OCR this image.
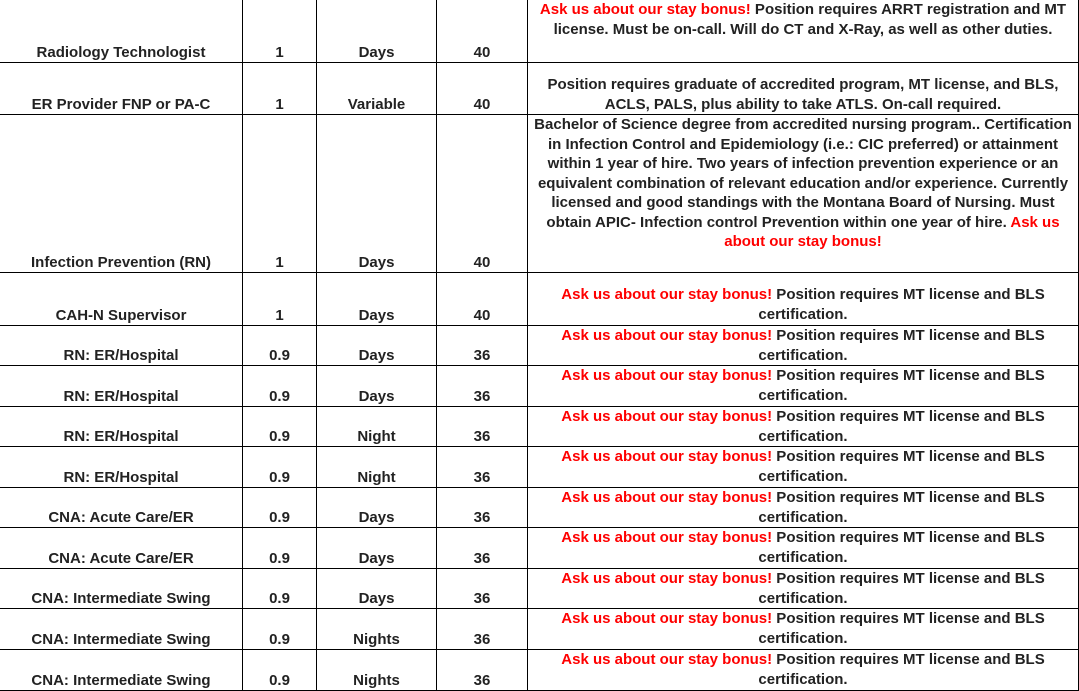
Radiology Technologist	1	Days	40	Ask us about our stay bonus! Position requires ARRT registration and MT license. Must be on-call. Will do CT and X-Ray, as well as other duties.
ER Provider FNP or PA-C	1	Variable	40	Position requires graduate of accredited program, MT license, and BLS, ACLS, PALS, plus ability to take ATLS. On-call required.
Infection Prevention (RN)	1	Days	40	Bachelor of Science degree from accredited nursing program.. Certification in Infection Control and Epidemiology (i.e.: CIC preferred) or attainment within 1 year of hire. Two years of infection prevention experience or an equivalent combination of relevant education and/or experience. Currently licensed and good standings with the Montana Board of Nursing. Must obtain APIC- Infection control Prevention within one year of hire. Ask us about our stay bonus!
CAH-N Supervisor	1	Days	40	Ask us about our stay bonus! Position requires MT license and BLS certification.
RN: ER/Hospital	0.9	Days	36	Ask us about our stay bonus! Position requires MT license and BLS certification.
RN: ER/Hospital	0.9	Days	36	Ask us about our stay bonus! Position requires MT license and BLS certification.
RN: ER/Hospital	0.9	Night	36	Ask us about our stay bonus! Position requires MT license and BLS certification.
RN: ER/Hospital	0.9	Night	36	Ask us about our stay bonus! Position requires MT license and BLS certification.
CNA: Acute Care/ER	0.9	Days	36	Ask us about our stay bonus! Position requires MT license and BLS certification.
CNA: Acute Care/ER	0.9	Days	36	Ask us about our stay bonus! Position requires MT license and BLS certification.
CNA: Intermediate Swing	0.9	Days	36	Ask us about our stay bonus! Position requires MT license and BLS certification.
CNA: Intermediate Swing	0.9	Nights	36	Ask us about our stay bonus! Position requires MT license and BLS certification.
CNA: Intermediate Swing	0.9	Nights	36	Ask us about our stay bonus! Position requires MT license and BLS certification.
